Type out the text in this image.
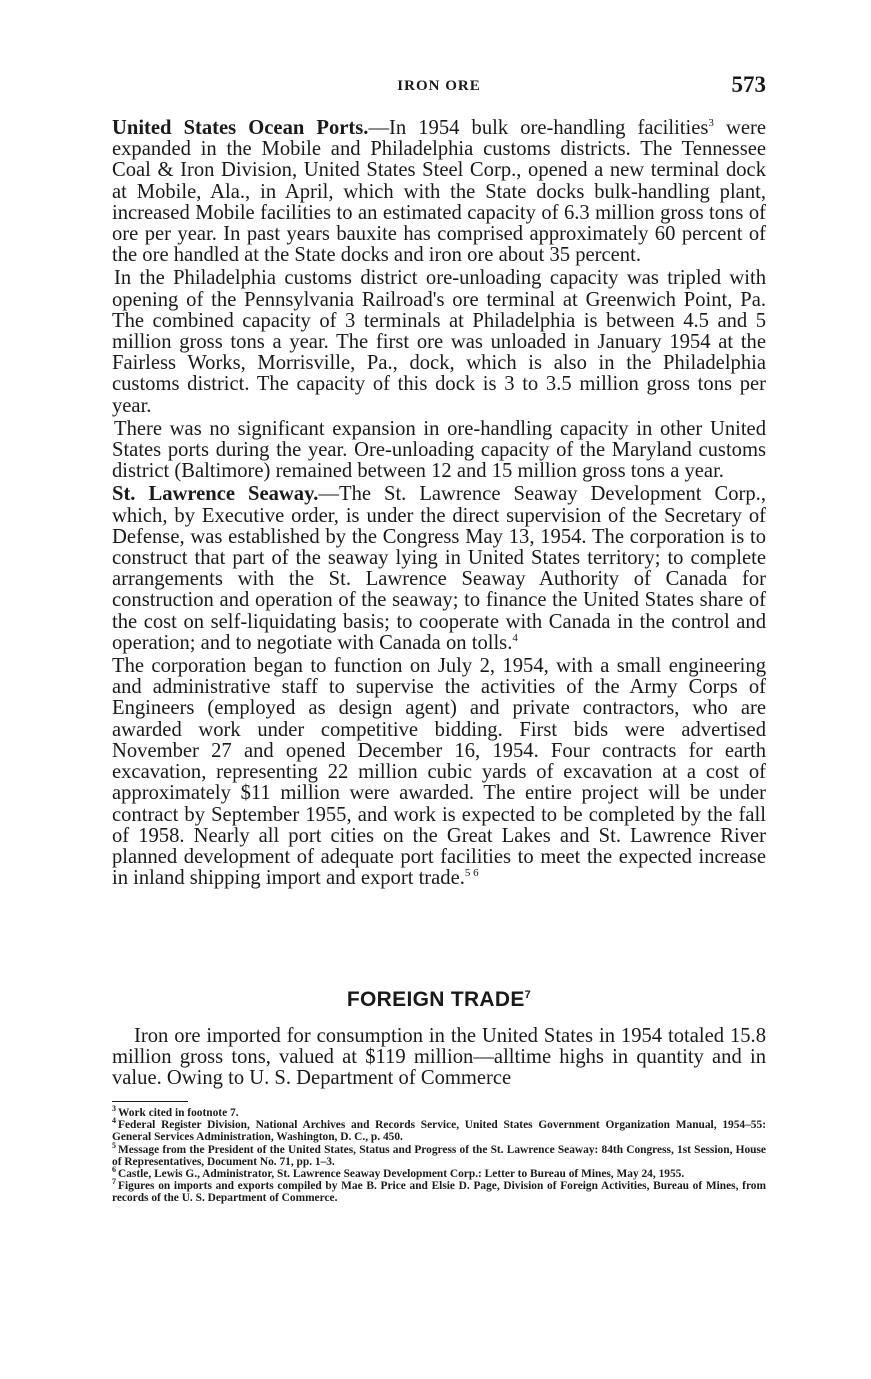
IRON ORE	573

United States Ocean Ports.—In 1954 bulk ore-handling facilities$^3$ were expanded in the Mobile and Philadelphia customs districts. The Tennessee Coal & Iron Division, United States Steel Corp., opened a new terminal dock at Mobile, Ala., in April, which with the State docks bulk-handling plant, increased Mobile facilities to an estimated capacity of 6.3 million gross tons of ore per year. In past years bauxite has comprised approximately 60 percent of the ore handled at the State docks and iron ore about 35 percent.

In the Philadelphia customs district ore-unloading capacity was tripled with opening of the Pennsylvania Railroad's ore terminal at Greenwich Point, Pa. The combined capacity of 3 terminals at Philadelphia is between 4.5 and 5 million gross tons a year. The first ore was unloaded in January 1954 at the Fairless Works, Morrisville, Pa., dock, which is also in the Philadelphia customs district. The capacity of this dock is 3 to 3.5 million gross tons per year.

There was no significant expansion in ore-handling capacity in other United States ports during the year. Ore-unloading capacity of the Maryland customs district (Baltimore) remained between 12 and 15 million gross tons a year.

St. Lawrence Seaway.—The St. Lawrence Seaway Development Corp., which, by Executive order, is under the direct supervision of the Secretary of Defense, was established by the Congress May 13, 1954. The corporation is to construct that part of the seaway lying in United States territory; to complete arrangements with the St. Lawrence Seaway Authority of Canada for construction and operation of the seaway; to finance the United States share of the cost on self-liquidating basis; to cooperate with Canada in the control and operation; and to negotiate with Canada on tolls.$^4$

The corporation began to function on July 2, 1954, with a small engineering and administrative staff to supervise the activities of the Army Corps of Engineers (employed as design agent) and private contractors, who are awarded work under competitive bidding. First bids were advertised November 27 and opened December 16, 1954. Four contracts for earth excavation, representing 22 million cubic yards of excavation at a cost of approximately $11 million were awarded. The entire project will be under contract by September 1955, and work is expected to be completed by the fall of 1958. Nearly all port cities on the Great Lakes and St. Lawrence River planned development of adequate port facilities to meet the expected increase in inland shipping import and export trade.$^{5 6}$

FOREIGN TRADE$^7$

Iron ore imported for consumption in the United States in 1954 totaled 15.8 million gross tons, valued at $119 million—alltime highs in quantity and in value. Owing to U. S. Department of Commerce

$^3$ Work cited in footnote 7.
$^4$ Federal Register Division, National Archives and Records Service, United States Government Organization Manual, 1954–55: General Services Administration, Washington, D. C., p. 450.
$^5$ Message from the President of the United States, Status and Progress of the St. Lawrence Seaway: 84th Congress, 1st Session, House of Representatives, Document No. 71, pp. 1–3.
$^6$ Castle, Lewis G., Administrator, St. Lawrence Seaway Development Corp.: Letter to Bureau of Mines, May 24, 1955.
$^7$ Figures on imports and exports compiled by Mae B. Price and Elsie D. Page, Division of Foreign Activities, Bureau of Mines, from records of the U. S. Department of Commerce.
